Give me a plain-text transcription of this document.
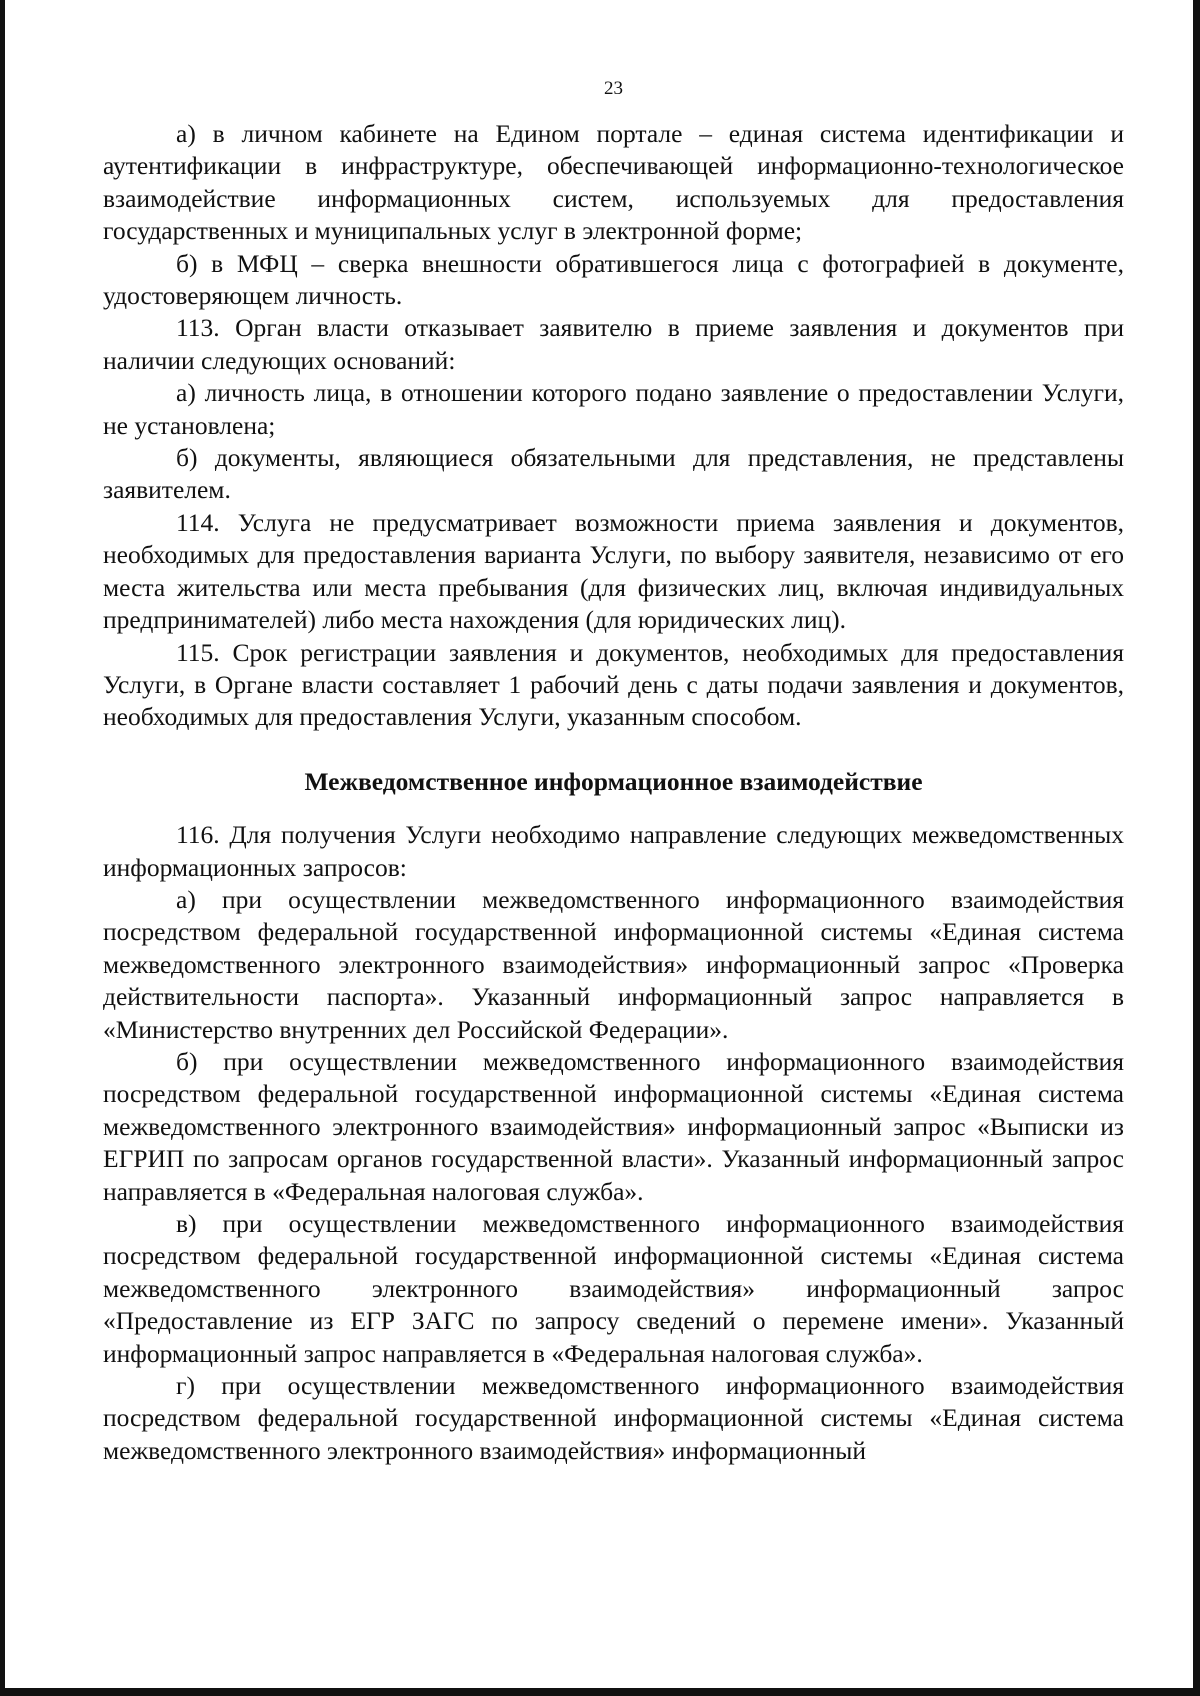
23

а) в личном кабинете на Едином портале – единая система идентификации и аутентификации в инфраструктуре, обеспечивающей информационно-технологическое взаимодействие информационных систем, используемых для предоставления государственных и муниципальных услуг в электронной форме;

б) в МФЦ – сверка внешности обратившегося лица с фотографией в документе, удостоверяющем личность.

113. Орган власти отказывает заявителю в приеме заявления и документов при наличии следующих оснований:

а) личность лица, в отношении которого подано заявление о предоставлении Услуги, не установлена;

б) документы, являющиеся обязательными для представления, не представлены заявителем.

114. Услуга не предусматривает возможности приема заявления и документов, необходимых для предоставления варианта Услуги, по выбору заявителя, независимо от его места жительства или места пребывания (для физических лиц, включая индивидуальных предпринимателей) либо места нахождения (для юридических лиц).

115. Срок регистрации заявления и документов, необходимых для предоставления Услуги, в Органе власти составляет 1 рабочий день с даты подачи заявления и документов, необходимых для предоставления Услуги, указанным способом.

Межведомственное информационное взаимодействие

116. Для получения Услуги необходимо направление следующих межведомственных информационных запросов:

а) при осуществлении межведомственного информационного взаимодействия посредством федеральной государственной информационной системы «Единая система межведомственного электронного взаимодействия» информационный запрос «Проверка действительности паспорта». Указанный информационный запрос направляется в «Министерство внутренних дел Российской Федерации».

б) при осуществлении межведомственного информационного взаимодействия посредством федеральной государственной информационной системы «Единая система межведомственного электронного взаимодействия» информационный запрос «Выписки из ЕГРИП по запросам органов государственной власти». Указанный информационный запрос направляется в «Федеральная налоговая служба».

в) при осуществлении межведомственного информационного взаимодействия посредством федеральной государственной информационной системы «Единая система межведомственного электронного взаимодействия» информационный запрос «Предоставление из ЕГР ЗАГС по запросу сведений о перемене имени». Указанный информационный запрос направляется в «Федеральная налоговая служба».

г) при осуществлении межведомственного информационного взаимодействия посредством федеральной государственной информационной системы «Единая система межведомственного электронного взаимодействия» информационный
